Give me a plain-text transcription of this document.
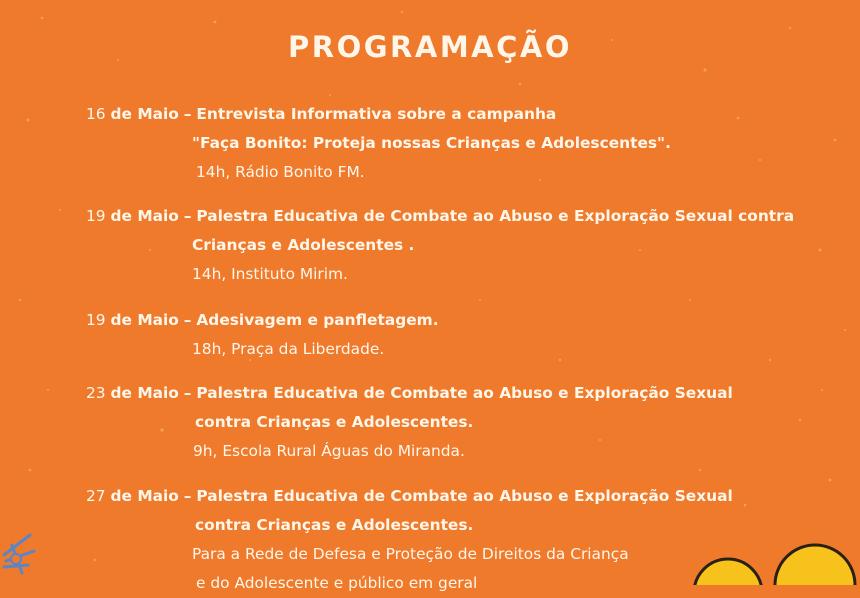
PROGRAMAÇÃO
16 de Maio – Entrevista Informativa sobre a campanha
"Faça Bonito: Proteja nossas Crianças e Adolescentes".
14h, Rádio Bonito FM.
19 de Maio – Palestra Educativa de Combate ao Abuso e Exploração Sexual contra
Crianças e Adolescentes .
14h, Instituto Mirim.
19 de Maio – Adesivagem e panfletagem.
18h, Praça da Liberdade.
23 de Maio – Palestra Educativa de Combate ao Abuso e Exploração Sexual
contra Crianças e Adolescentes.
9h, Escola Rural Águas do Miranda.
27 de Maio – Palestra Educativa de Combate ao Abuso e Exploração Sexual
contra Crianças e Adolescentes.
Para a Rede de Defesa e Proteção de Direitos da Criança
e do Adolescente e público em geral
